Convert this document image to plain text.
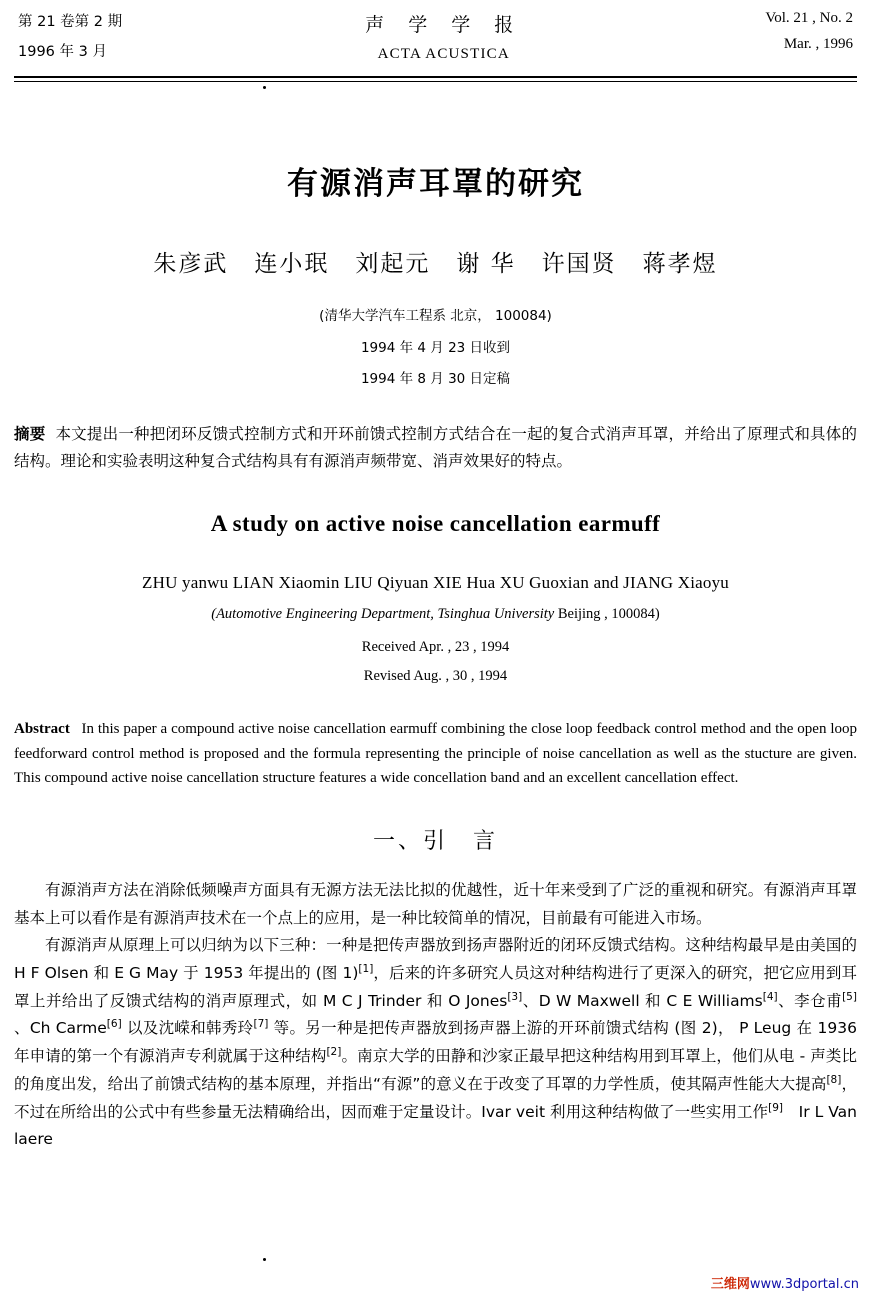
第 21 卷第 2 期
1996 年 3 月
声 学 学 报
ACTA ACUSTICA
Vol. 21 , No. 2
Mar. , 1996
有源消声耳罩的研究
朱彦武 连小珉 刘起元 谢 华 许国贤 蒋孝煜
(清华大学汽车工程系 北京， 100084)
1994 年 4 月 23 日收到
1994 年 8 月 30 日定稿
摘要 本文提出一种把闭环反馈式控制方式和开环前馈式控制方式结合在一起的复合式消声耳罩，并给出了原理式和具体的结构。理论和实验表明这种复合式结构具有有源消声频带宽、消声效果好的特点。
A study on active noise cancellation earmuff
ZHU yanwu LIAN Xiaomin LIU Qiyuan XIE Hua XU Guoxian and JIANG Xiaoyu
(Automotive Engineering Department, Tsinghua University Beijing , 100084)
Received Apr. , 23 , 1994
Revised Aug. , 30 , 1994
Abstract In this paper a compound active noise cancellation earmuff combining the close loop feedback control method and the open loop feedforward control method is proposed and the formula representing the principle of noise cancellation as well as the stucture are given. This compound active noise cancellation structure features a wide concellation band and an excellent cancellation effect.
一、引　言

有源消声方法在消除低频噪声方面具有无源方法无法比拟的优越性，近十年来受到了广泛的重视和研究。有源消声耳罩基本上可以看作是有源消声技术在一个点上的应用，是一种比较简单的情况，目前最有可能进入市场。

有源消声从原理上可以归纳为以下三种：一种是把传声器放到扬声器附近的闭环反馈式结构。这种结构最早是由美国的 H F Olsen 和 E G May 于 1953 年提出的 (图 1)[1]，后来的许多研究人员这对种结构进行了更深入的研究，把它应用到耳罩上并给出了反馈式结构的消声原理式，如 M C J Trinder 和 O Jones[3]、D W Maxwell 和 C E Williams[4]、李仓甫[5] 、Ch Carme[6] 以及沈嵘和韩秀玲[7] 等。另一种是把传声器放到扬声器上游的开环前馈式结构 (图 2)， P Leug 在 1936 年申请的第一个有源消声专利就属于这种结构[2]。南京大学的田静和沙家正最早把这种结构用到耳罩上，他们从电 - 声类比的角度出发，给出了前馈式结构的基本原理，并指出“有源”的意义在于改变了耳罩的力学性质，使其隔声性能大大提高[8]，不过在所给出的公式中有些参量无法精确给出，因而难于定量设计。Ivar veit 利用这种结构做了一些实用工作[9]　Ir L Van laere

三维网www.3dportal.cn
